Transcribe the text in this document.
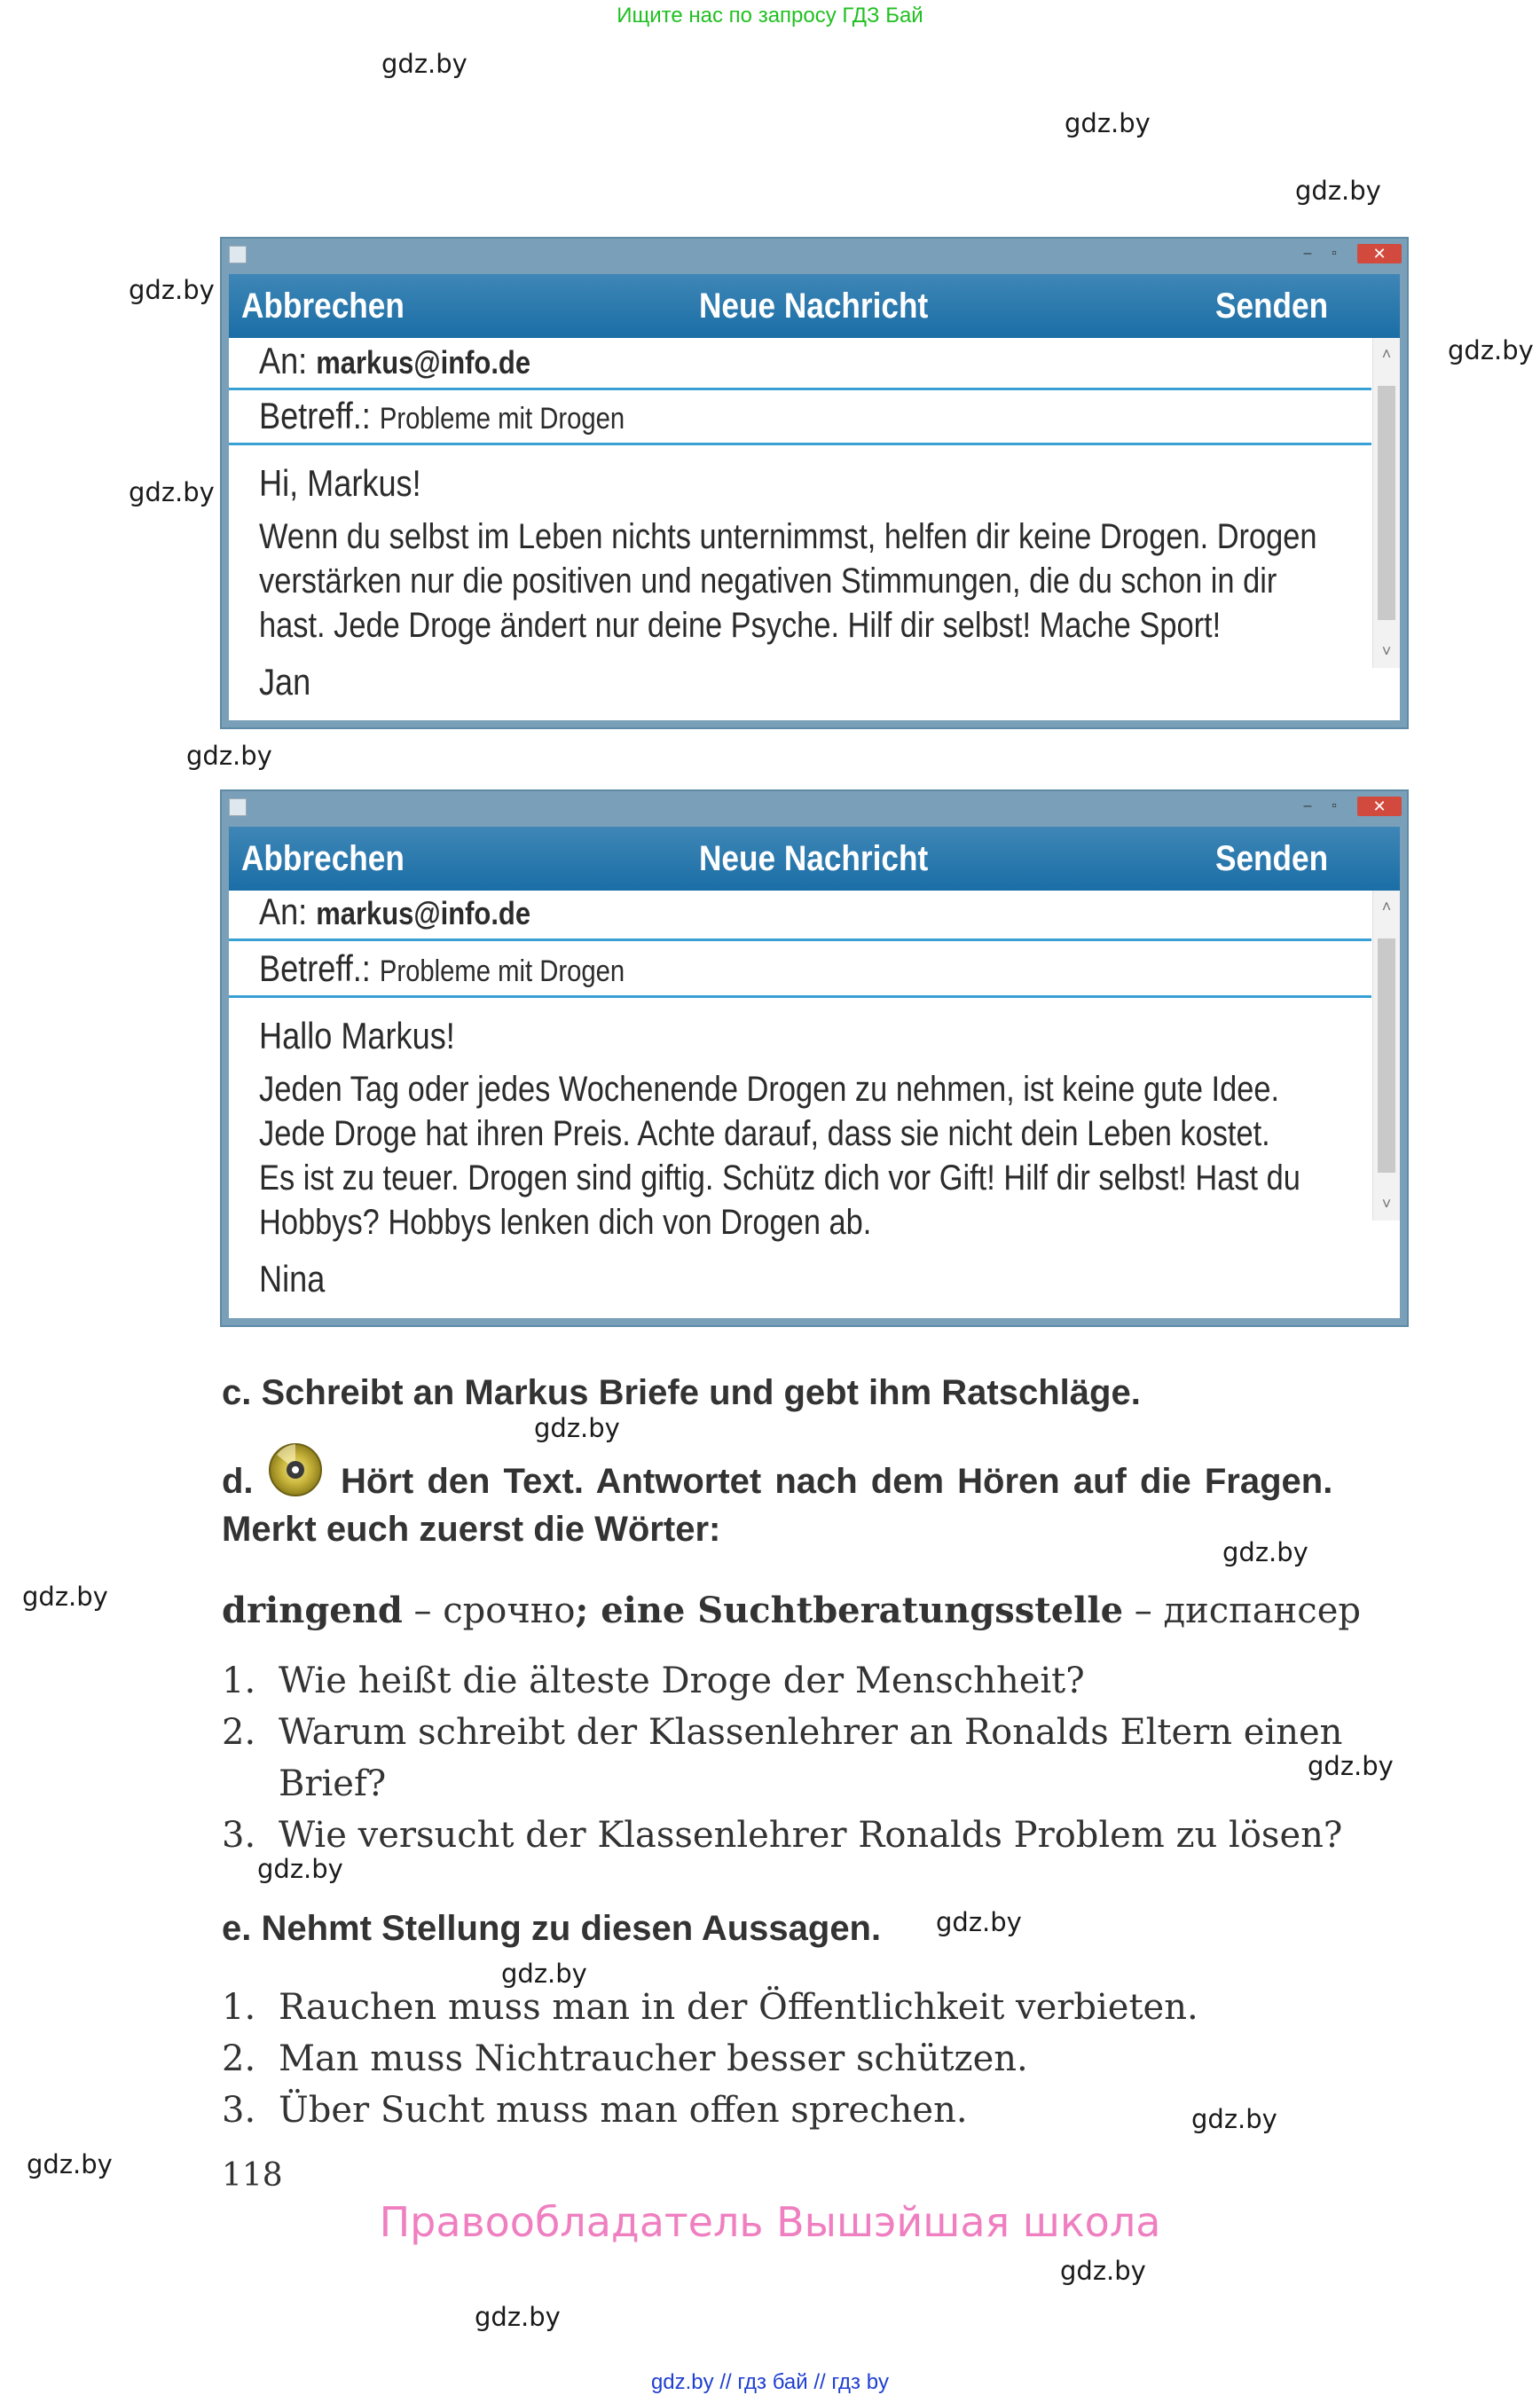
Ищите нас по запросу ГДЗ Бай
gdz.by
gdz.by
gdz.by
gdz.by
gdz.by
gdz.by
gdz.by
gdz.by
gdz.by
gdz.by
gdz.by
gdz.by
gdz.by
gdz.by
gdz.by
gdz.by
gdz.by
gdz.by
–	▫	✕
Abbrechen	Neue Nachricht	Senden
˄
˅
An: markus@info.de
Betreff.: Probleme mit Drogen
Hi, Markus!
Wenn du selbst im Leben nichts unternimmst, helfen dir keine Drogen. Drogen
verstärken nur die positiven und negativen Stimmungen, die du schon in dir
hast. Jede Droge ändert nur deine Psyche. Hilf dir selbst! Mache Sport!
Jan
–	▫	✕
Abbrechen	Neue Nachricht	Senden
˄
˅
An: markus@info.de
Betreff.: Probleme mit Drogen
Hallo Markus!
Jeden Tag oder jedes Wochenende Drogen zu nehmen, ist keine gute Idee.
Jede Droge hat ihren Preis. Achte darauf, dass sie nicht dein Leben kostet.
Es ist zu teuer. Drogen sind giftig. Schütz dich vor Gift! Hilf dir selbst! Hast du
Hobbys? Hobbys lenken dich von Drogen ab.
Nina
c. Schreibt an Markus Briefe und gebt ihm Ratschläge.
d. Hört den Text. Antwortet nach dem Hören auf die Fragen.
Merkt euch zuerst die Wörter:
dringend – срочно; eine Suchtberatungsstelle – диспансер
1. Wie heißt die älteste Droge der Menschheit?
2. Warum schreibt der Klassenlehrer an Ronalds Eltern einen
Brief?
3. Wie versucht der Klassenlehrer Ronalds Problem zu lösen?
e. Nehmt Stellung zu diesen Aussagen.
1. Rauchen muss man in der Öffentlichkeit verbieten.
2. Man muss Nichtraucher besser schützen.
3. Über Sucht muss man offen sprechen.
118
Правообладатель Вышэйшая школа
gdz.by // гдз бай // гдз by
